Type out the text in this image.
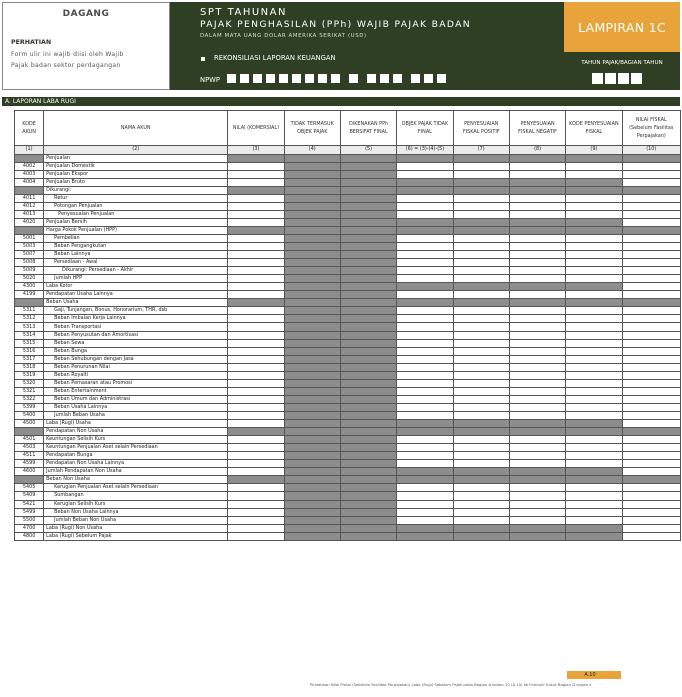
DAGANG
PERHATIAN
Form ulir ini wajib diisi oleh Wajib
Pajak badan sektor perdagangan
SPT TAHUNAN
PAJAK PENGHASILAN (PPh) WAJIB PAJAK BADAN
DALAM MATA UANG DOLAR AMERIKA SERIKAT (USD)
REKONSILIASI LAPORAN KEUANGAN
NPWP
LAMPIRAN 1C
TAHUN PAJAK/BAGIAN TAHUN
A. LAPORAN LABA RUGI
KODE AKUN	NAMA AKUN	NILAI (KOMERSIAL)	TIDAK TERMASUK OBJEK PAJAK	DIKENAKAN PPh BERSIFAT FINAL	OBJEK PAJAK TIDAK FINAL	PENYESUAIAN FISKAL POSITIF	PENYESUAIAN FISKAL NEGATIF	KODE PENYESUAIAN FISKAL	NILAI FISKAL (Sebelum Fasilitas Perpajakan)
(1)	(2)	(3)	(4)	(5)	(6) = (3)-(4)-(5)	(7)	(8)	(9)	(10)
	Penjualan								
4002	Penjualan Domestik								
4003	Penjualan Ekspor								
4004	Penjualan Bruto								
	Dikurangi:								
4011	Retur								
4012	Potongan Penjualan								
4013	Penyesuaian Penjualan								
4020	Penjualan Bersih								
	Harga Pokok Penjualan (HPP)								
5001	Pembelian								
5003	Beban Pengangkutan								
5007	Beban Lainnya								
5008	Persediaan - Awal								
5009	Dikurangi: Persediaan - Akhir								
5020	Jumlah HPP								
4300	Laba Kotor								
4199	Pendapatan Usaha Lainnya								
	Beban Usaha								
5311	Gaji, Tunjangan, Bonus, Honorarium, THR, dsb								
5312	Beban Imbalan Kerja Lainnya								
5313	Beban Transportasi								
5314	Beban Penyusutan dan Amortisasi								
5315	Beban Sewa								
5316	Beban Bunga								
5317	Beban Sehubungan dengan Jasa								
5318	Beban Penurunan Nilai								
5319	Beban Royalti								
5320	Beban Pemasaran atau Promosi								
5321	Beban Entertainment								
5322	Beban Umum dan Administrasi								
5399	Beban Usaha Lainnya								
5400	Jumlah Beban Usaha								
4500	Laba (Rugi) Usaha								
	Pendapatan Non Usaha								
4501	Keuntungan Selisih Kurs								
4503	Keuntungan Penjualan Aset selain Persediaan								
4511	Pendapatan Bunga								
4599	Pendapatan Non Usaha Lainnya								
4600	Jumlah Pendapatan Non Usaha								
	Beban Non Usaha								
5405	Kerugian Penjualan Aset selain Persediaan								
5409	Sumbangan								
5421	Kerugian Selisih Kurs								
5499	Beban Non Usaha Lainnya								
5500	Jumlah Beban Non Usaha								
4700	Laba (Rugi) Non Usaha								
4800	Laba (Rugi) Sebelum Pajak								
A.10
Pindahkan Nilai Fiskal (Sebelum Fasilitas Perpajakan) Laba (Rugi) Sebelum Pajak pada Bagian A kolom 10 (A.10) ke Formulir Induk Bagian D angka 4
